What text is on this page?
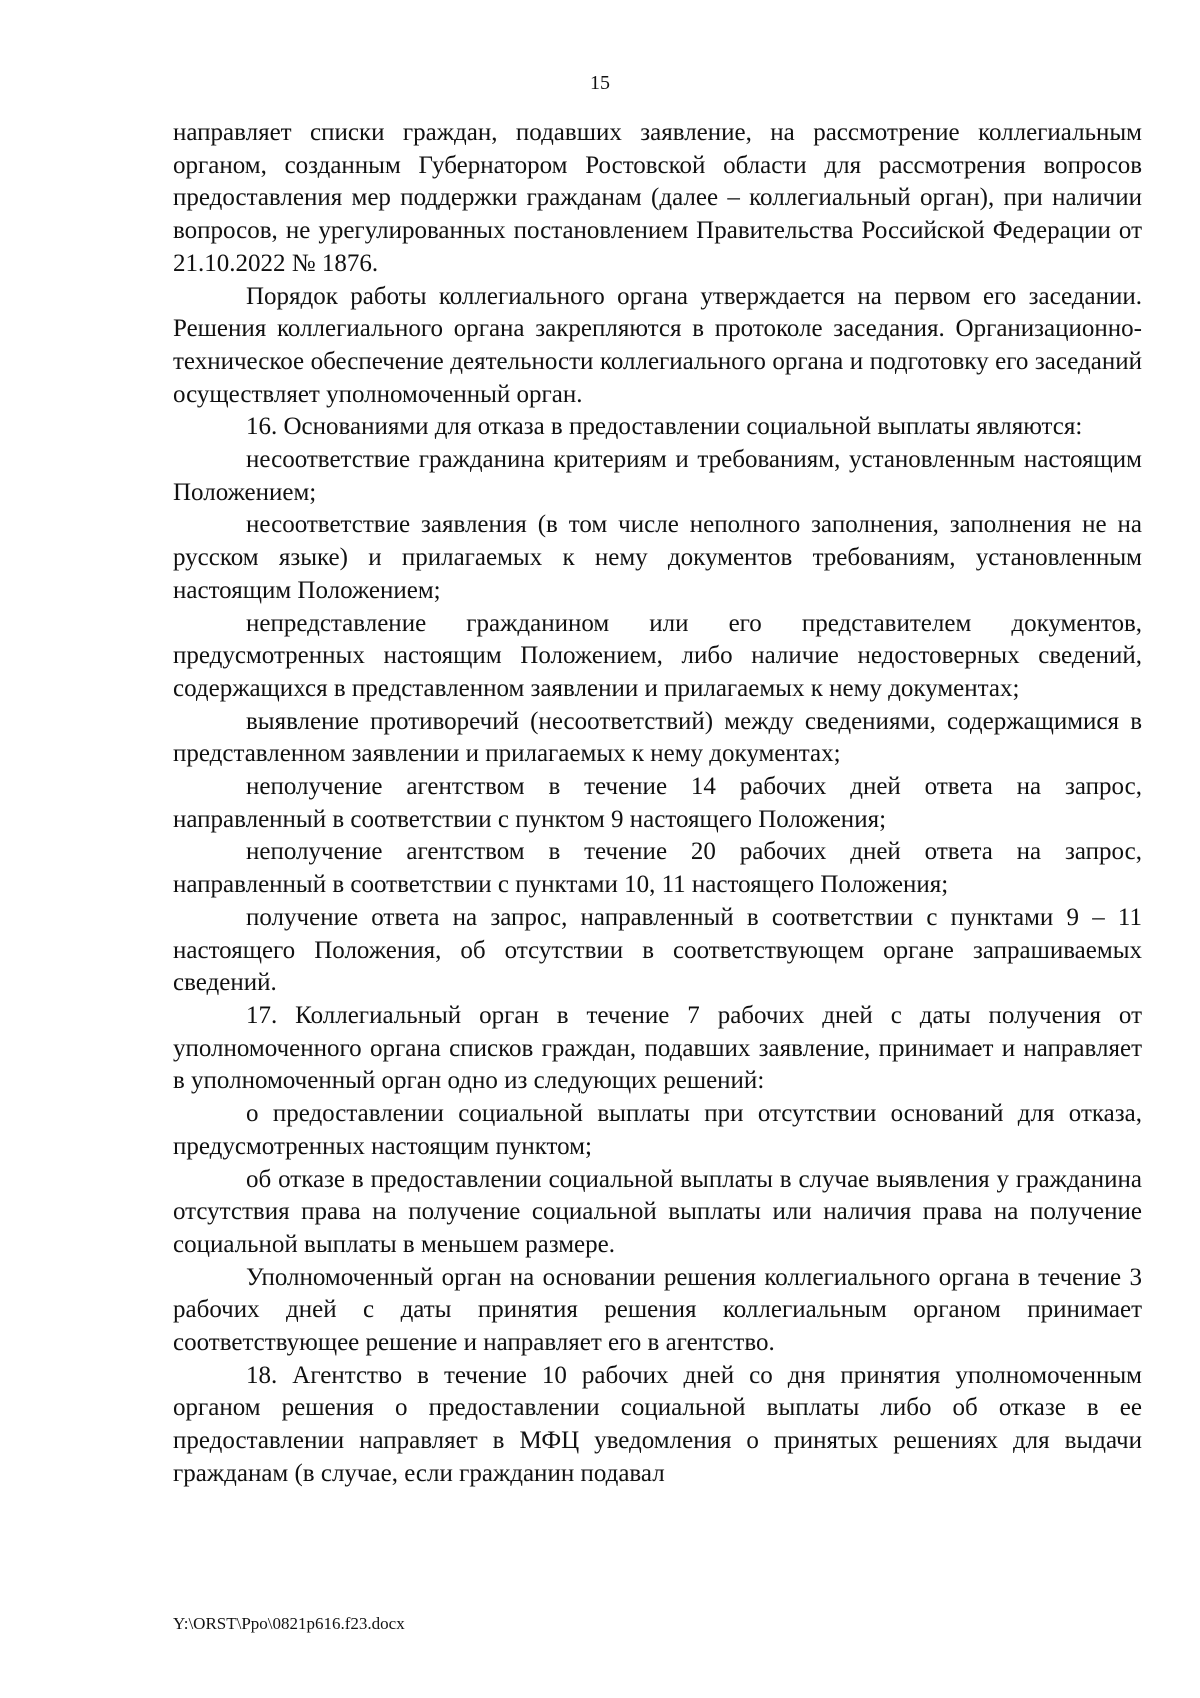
15

направляет списки граждан, подавших заявление, на рассмотрение коллегиальным органом, созданным Губернатором Ростовской области для рассмотрения вопросов предоставления мер поддержки гражданам (далее – коллегиальный орган), при наличии вопросов, не урегулированных постановлением Правительства Российской Федерации от 21.10.2022 № 1876.

Порядок работы коллегиального органа утверждается на первом его заседании. Решения коллегиального органа закрепляются в протоколе заседания. Организационно-техническое обеспечение деятельности коллегиального органа и подготовку его заседаний осуществляет уполномоченный орган.

16. Основаниями для отказа в предоставлении социальной выплаты являются:

несоответствие гражданина критериям и требованиям, установленным настоящим Положением;

несоответствие заявления (в том числе неполного заполнения, заполнения не на русском языке) и прилагаемых к нему документов требованиям, установленным настоящим Положением;

непредставление гражданином или его представителем документов, предусмотренных настоящим Положением, либо наличие недостоверных сведений, содержащихся в представленном заявлении и прилагаемых к нему документах;

выявление противоречий (несоответствий) между сведениями, содержащимися в представленном заявлении и прилагаемых к нему документах;

неполучение агентством в течение 14 рабочих дней ответа на запрос, направленный в соответствии с пунктом 9 настоящего Положения;

неполучение агентством в течение 20 рабочих дней ответа на запрос, направленный в соответствии с пунктами 10, 11 настоящего Положения;

получение ответа на запрос, направленный в соответствии с пунктами 9 – 11 настоящего Положения, об отсутствии в соответствующем органе запрашиваемых сведений.

17. Коллегиальный орган в течение 7 рабочих дней с даты получения от уполномоченного органа списков граждан, подавших заявление, принимает и направляет в уполномоченный орган одно из следующих решений:

о предоставлении социальной выплаты при отсутствии оснований для отказа, предусмотренных настоящим пунктом;

об отказе в предоставлении социальной выплаты в случае выявления у гражданина отсутствия права на получение социальной выплаты или наличия права на получение социальной выплаты в меньшем размере.

Уполномоченный орган на основании решения коллегиального органа в течение 3 рабочих дней с даты принятия решения коллегиальным органом принимает соответствующее решение и направляет его в агентство.

18. Агентство в течение 10 рабочих дней со дня принятия уполномоченным органом решения о предоставлении социальной выплаты либо об отказе в ее предоставлении направляет в МФЦ уведомления о принятых решениях для выдачи гражданам (в случае, если гражданин подавал

Y:\ORST\Ppo\0821p616.f23.docx
